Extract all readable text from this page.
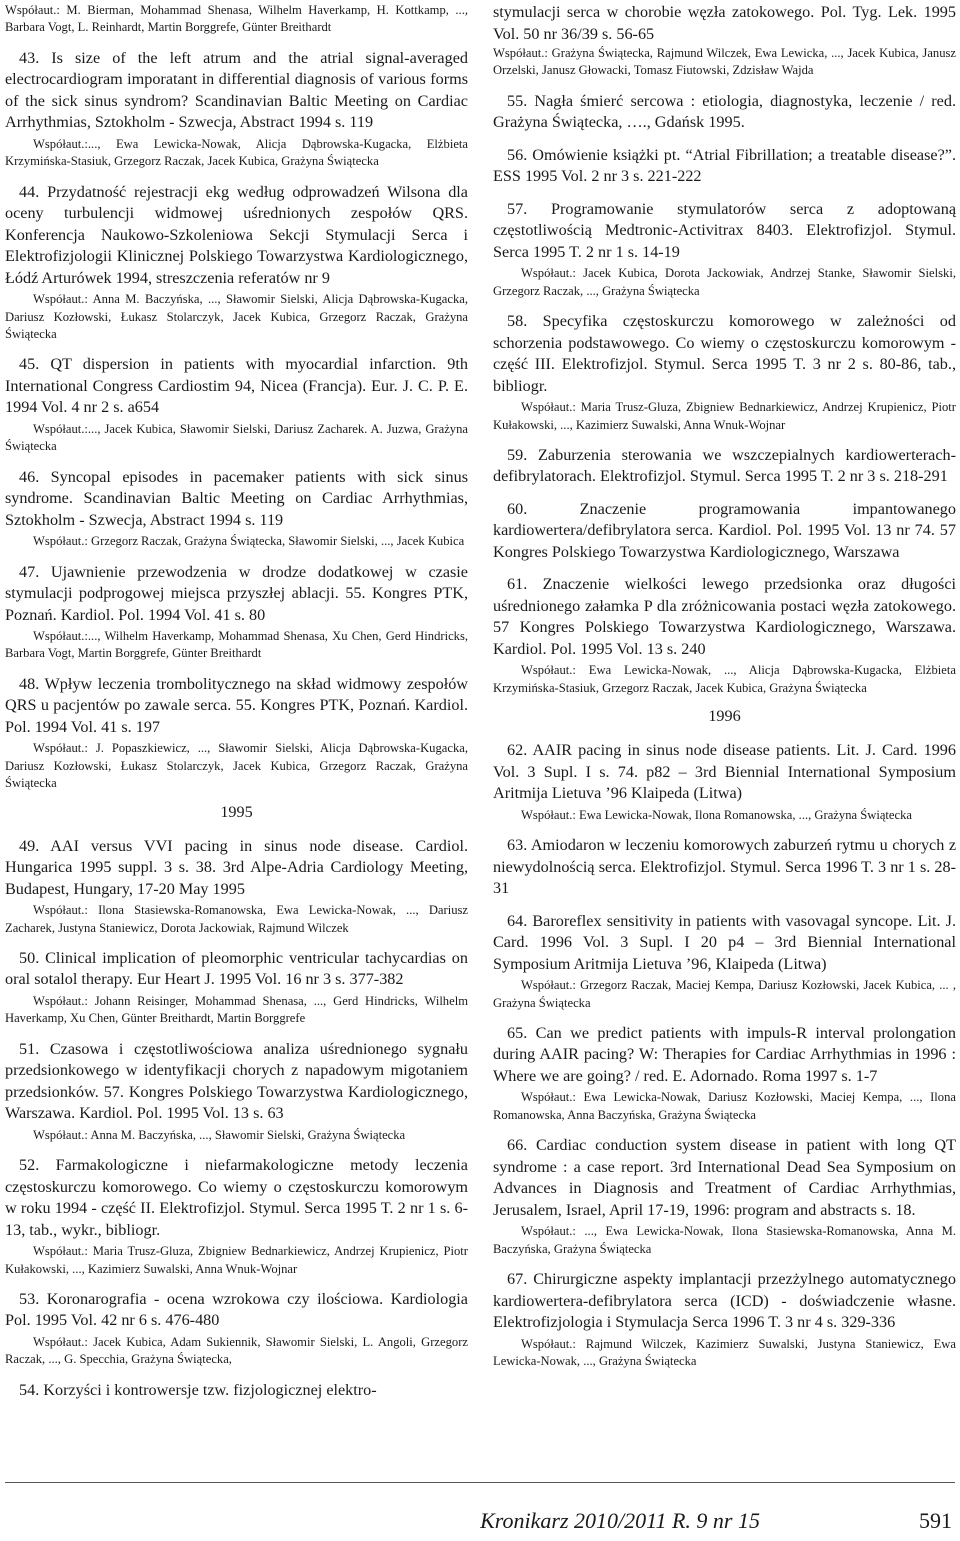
Współaut.: M. Bierman, Mohammad Shenasa, Wilhelm Haverkamp, H. Kottkamp, ..., Barbara Vogt, L. Reinhardt, Martin Borggrefe, Günter Breithardt

43. Is size of the left atrum and the atrial signal-averaged electrocardiogram imporatant in differential diagnosis of various forms of the sick sinus syndrom? Scandinavian Baltic Meeting on Cardiac Arrhythmias, Sztokholm - Szwecja, Abstract 1994 s. 119

Współaut.:..., Ewa Lewicka-Nowak, Alicja Dąbrowska-Kugacka, Elżbieta Krzymińska-Stasiuk, Grzegorz Raczak, Jacek Kubica, Grażyna Świątecka

44. Przydatność rejestracji ekg według odprowadzeń Wilsona dla oceny turbulencji widmowej uśrednionych zespołów QRS. Konferencja Naukowo-Szkoleniowa Sekcji Stymulacji Serca i Elektrofizjologii Klinicznej Polskiego Towarzystwa Kardiologicznego, Łódź Arturówek 1994, streszczenia referatów nr 9

Współaut.: Anna M. Baczyńska, ..., Sławomir Sielski, Alicja Dąbrowska-Kugacka, Dariusz Kozłowski, Łukasz Stolarczyk, Jacek Kubica, Grzegorz Raczak, Grażyna Świątecka

45. QT dispersion in patients with myocardial infarction. 9th International Congress Cardiostim 94, Nicea (Francja). Eur. J. C. P. E. 1994 Vol. 4 nr 2 s. a654

Współaut.:..., Jacek Kubica, Sławomir Sielski, Dariusz Zacharek. A. Juzwa, Grażyna Świątecka

46. Syncopal episodes in pacemaker patients with sick sinus syndrome. Scandinavian Baltic Meeting on Cardiac Arrhythmias, Sztokholm - Szwecja, Abstract 1994 s. 119

Współaut.: Grzegorz Raczak, Grażyna Świątecka, Sławomir Sielski, ..., Jacek Kubica

47. Ujawnienie przewodzenia w drodze dodatkowej w czasie stymulacji podprogowej miejsca przyszłej ablacji. 55. Kongres PTK, Poznań. Kardiol. Pol. 1994 Vol. 41 s. 80

Współaut.:..., Wilhelm Haverkamp, Mohammad Shenasa, Xu Chen, Gerd Hindricks, Barbara Vogt, Martin Borggrefe, Günter Breithardt

48. Wpływ leczenia trombolitycznego na skład widmowy zespołów QRS u pacjentów po zawale serca. 55. Kongres PTK, Poznań. Kardiol. Pol. 1994 Vol. 41 s. 197

Współaut.: J. Popaszkiewicz, ..., Sławomir Sielski, Alicja Dąbrowska-Kugacka, Dariusz Kozłowski, Łukasz Stolarczyk, Jacek Kubica, Grzegorz Raczak, Grażyna Świątecka

1995

49. AAI versus VVI pacing in sinus node disease. Cardiol. Hungarica 1995 suppl. 3 s. 38. 3rd Alpe-Adria Cardiology Meeting, Budapest, Hungary, 17-20 May 1995

Współaut.: Ilona Stasiewska-Romanowska, Ewa Lewicka-Nowak, ..., Dariusz Zacharek, Justyna Staniewicz, Dorota Jackowiak, Rajmund Wilczek

50. Clinical implication of pleomorphic ventricular tachycardias on oral sotalol therapy. Eur Heart J. 1995 Vol. 16 nr 3 s. 377-382

Współaut.: Johann Reisinger, Mohammad Shenasa, ..., Gerd Hindricks, Wilhelm Haverkamp, Xu Chen, Günter Breithardt, Martin Borggrefe

51. Czasowa i częstotliwościowa analiza uśrednionego sygnału przedsionkowego w identyfikacji chorych z napadowym migotaniem przedsionków. 57. Kongres Polskiego Towarzystwa Kardiologicznego, Warszawa. Kardiol. Pol. 1995 Vol. 13 s. 63

Współaut.: Anna M. Baczyńska, ..., Sławomir Sielski, Grażyna Świątecka

52. Farmakologiczne i niefarmakologiczne metody leczenia częstoskurczu komorowego. Co wiemy o częstoskurczu komorowym w roku 1994 - część II. Elektrofizjol. Stymul. Serca 1995 T. 2 nr 1 s. 6-13, tab., wykr., bibliogr.

Współaut.: Maria Trusz-Gluza, Zbigniew Bednarkiewicz, Andrzej Krupienicz, Piotr Kułakowski, ..., Kazimierz Suwalski, Anna Wnuk-Wojnar

53. Koronarografia - ocena wzrokowa czy ilościowa. Kardiologia Pol. 1995 Vol. 42 nr 6 s. 476-480

Współaut.: Jacek Kubica, Adam Sukiennik, Sławomir Sielski, L. Angoli, Grzegorz Raczak, ..., G. Specchia, Grażyna Świątecka,

54. Korzyści i kontrowersje tzw. fizjologicznej elektro-

stymulacji serca w chorobie węzła zatokowego. Pol. Tyg. Lek. 1995 Vol. 50 nr 36/39 s. 56-65

Współaut.: Grażyna Świątecka, Rajmund Wilczek, Ewa Lewicka, ..., Jacek Kubica, Janusz Orzelski, Janusz Głowacki, Tomasz Fiutowski, Zdzisław Wajda

55. Nagła śmierć sercowa : etiologia, diagnostyka, leczenie / red. Grażyna Świątecka, …., Gdańsk 1995.

56. Omówienie książki pt. “Atrial Fibrillation; a treatable disease?”. ESS 1995 Vol. 2 nr 3 s. 221-222

57. Programowanie stymulatorów serca z adoptowaną częstotliwością Medtronic-Activitrax 8403. Elektrofizjol. Stymul. Serca 1995 T. 2 nr 1 s. 14-19

Współaut.: Jacek Kubica, Dorota Jackowiak, Andrzej Stanke, Sławomir Sielski, Grzegorz Raczak, ..., Grażyna Świątecka

58. Specyfika częstoskurczu komorowego w zależności od schorzenia podstawowego. Co wiemy o częstoskurczu komorowym - część III. Elektrofizjol. Stymul. Serca 1995 T. 3 nr 2 s. 80-86, tab., bibliogr.

Współaut.: Maria Trusz-Gluza, Zbigniew Bednarkiewicz, Andrzej Krupienicz, Piotr Kułakowski, ..., Kazimierz Suwalski, Anna Wnuk-Wojnar

59. Zaburzenia sterowania we wszczepialnych kardiowerterach-defibrylatorach. Elektrofizjol. Stymul. Serca 1995 T. 2 nr 3 s. 218-291

60. Znaczenie programowania impantowanego kardiowertera/defibrylatora serca. Kardiol. Pol. 1995 Vol. 13 nr 74. 57 Kongres Polskiego Towarzystwa Kardiologicznego, Warszawa

61. Znaczenie wielkości lewego przedsionka oraz długości uśrednionego załamka P dla zróżnicowania postaci węzła zatokowego. 57 Kongres Polskiego Towarzystwa Kardiologicznego, Warszawa. Kardiol. Pol. 1995 Vol. 13 s. 240

Współaut.: Ewa Lewicka-Nowak, ..., Alicja Dąbrowska-Kugacka, Elżbieta Krzymińska-Stasiuk, Grzegorz Raczak, Jacek Kubica, Grażyna Świątecka

1996

62. AAIR pacing in sinus node disease patients. Lit. J. Card. 1996 Vol. 3 Supl. I s. 74. p82 – 3rd Biennial International Symposium Aritmija Lietuva ’96 Klaipeda (Litwa)

Współaut.: Ewa Lewicka-Nowak, Ilona Romanowska, ..., Grażyna Świątecka

63. Amiodaron w leczeniu komorowych zaburzeń rytmu u chorych z niewydolnością serca. Elektrofizjol. Stymul. Serca 1996 T. 3 nr 1 s. 28-31

64. Baroreflex sensitivity in patients with vasovagal syncope. Lit. J. Card. 1996 Vol. 3 Supl. I 20 p4 – 3rd Biennial International Symposium Aritmija Lietuva ’96, Klaipeda (Litwa)

Współaut.: Grzegorz Raczak, Maciej Kempa, Dariusz Kozłowski, Jacek Kubica, ... , Grażyna Świątecka

65. Can we predict patients with impuls-R interval prolongation during AAIR pacing? W: Therapies for Cardiac Arrhythmias in 1996 : Where we are going? / red. E. Adornado. Roma 1997 s. 1-7

Współaut.: Ewa Lewicka-Nowak, Dariusz Kozłowski, Maciej Kempa, ..., Ilona Romanowska, Anna Baczyńska, Grażyna Świątecka

66. Cardiac conduction system disease in patient with long QT syndrome : a case report. 3rd International Dead Sea Symposium on Advances in Diagnosis and Treatment of Cardiac Arrhythmias, Jerusalem, Israel, April 17-19, 1996: program and abstracts s. 18.

Współaut.: ..., Ewa Lewicka-Nowak, Ilona Stasiewska-Romanowska, Anna M. Baczyńska, Grażyna Świątecka

67. Chirurgiczne aspekty implantacji przezżylnego automatycznego kardiowertera-defibrylatora serca (ICD) - doświadczenie własne. Elektrofizjologia i Stymulacja Serca 1996 T. 3 nr 4 s. 329-336

Współaut.: Rajmund Wilczek, Kazimierz Suwalski, Justyna Staniewicz, Ewa Lewicka-Nowak, ..., Grażyna Świątecka

Kronikarz 2010/2011 R. 9 nr 15	591
